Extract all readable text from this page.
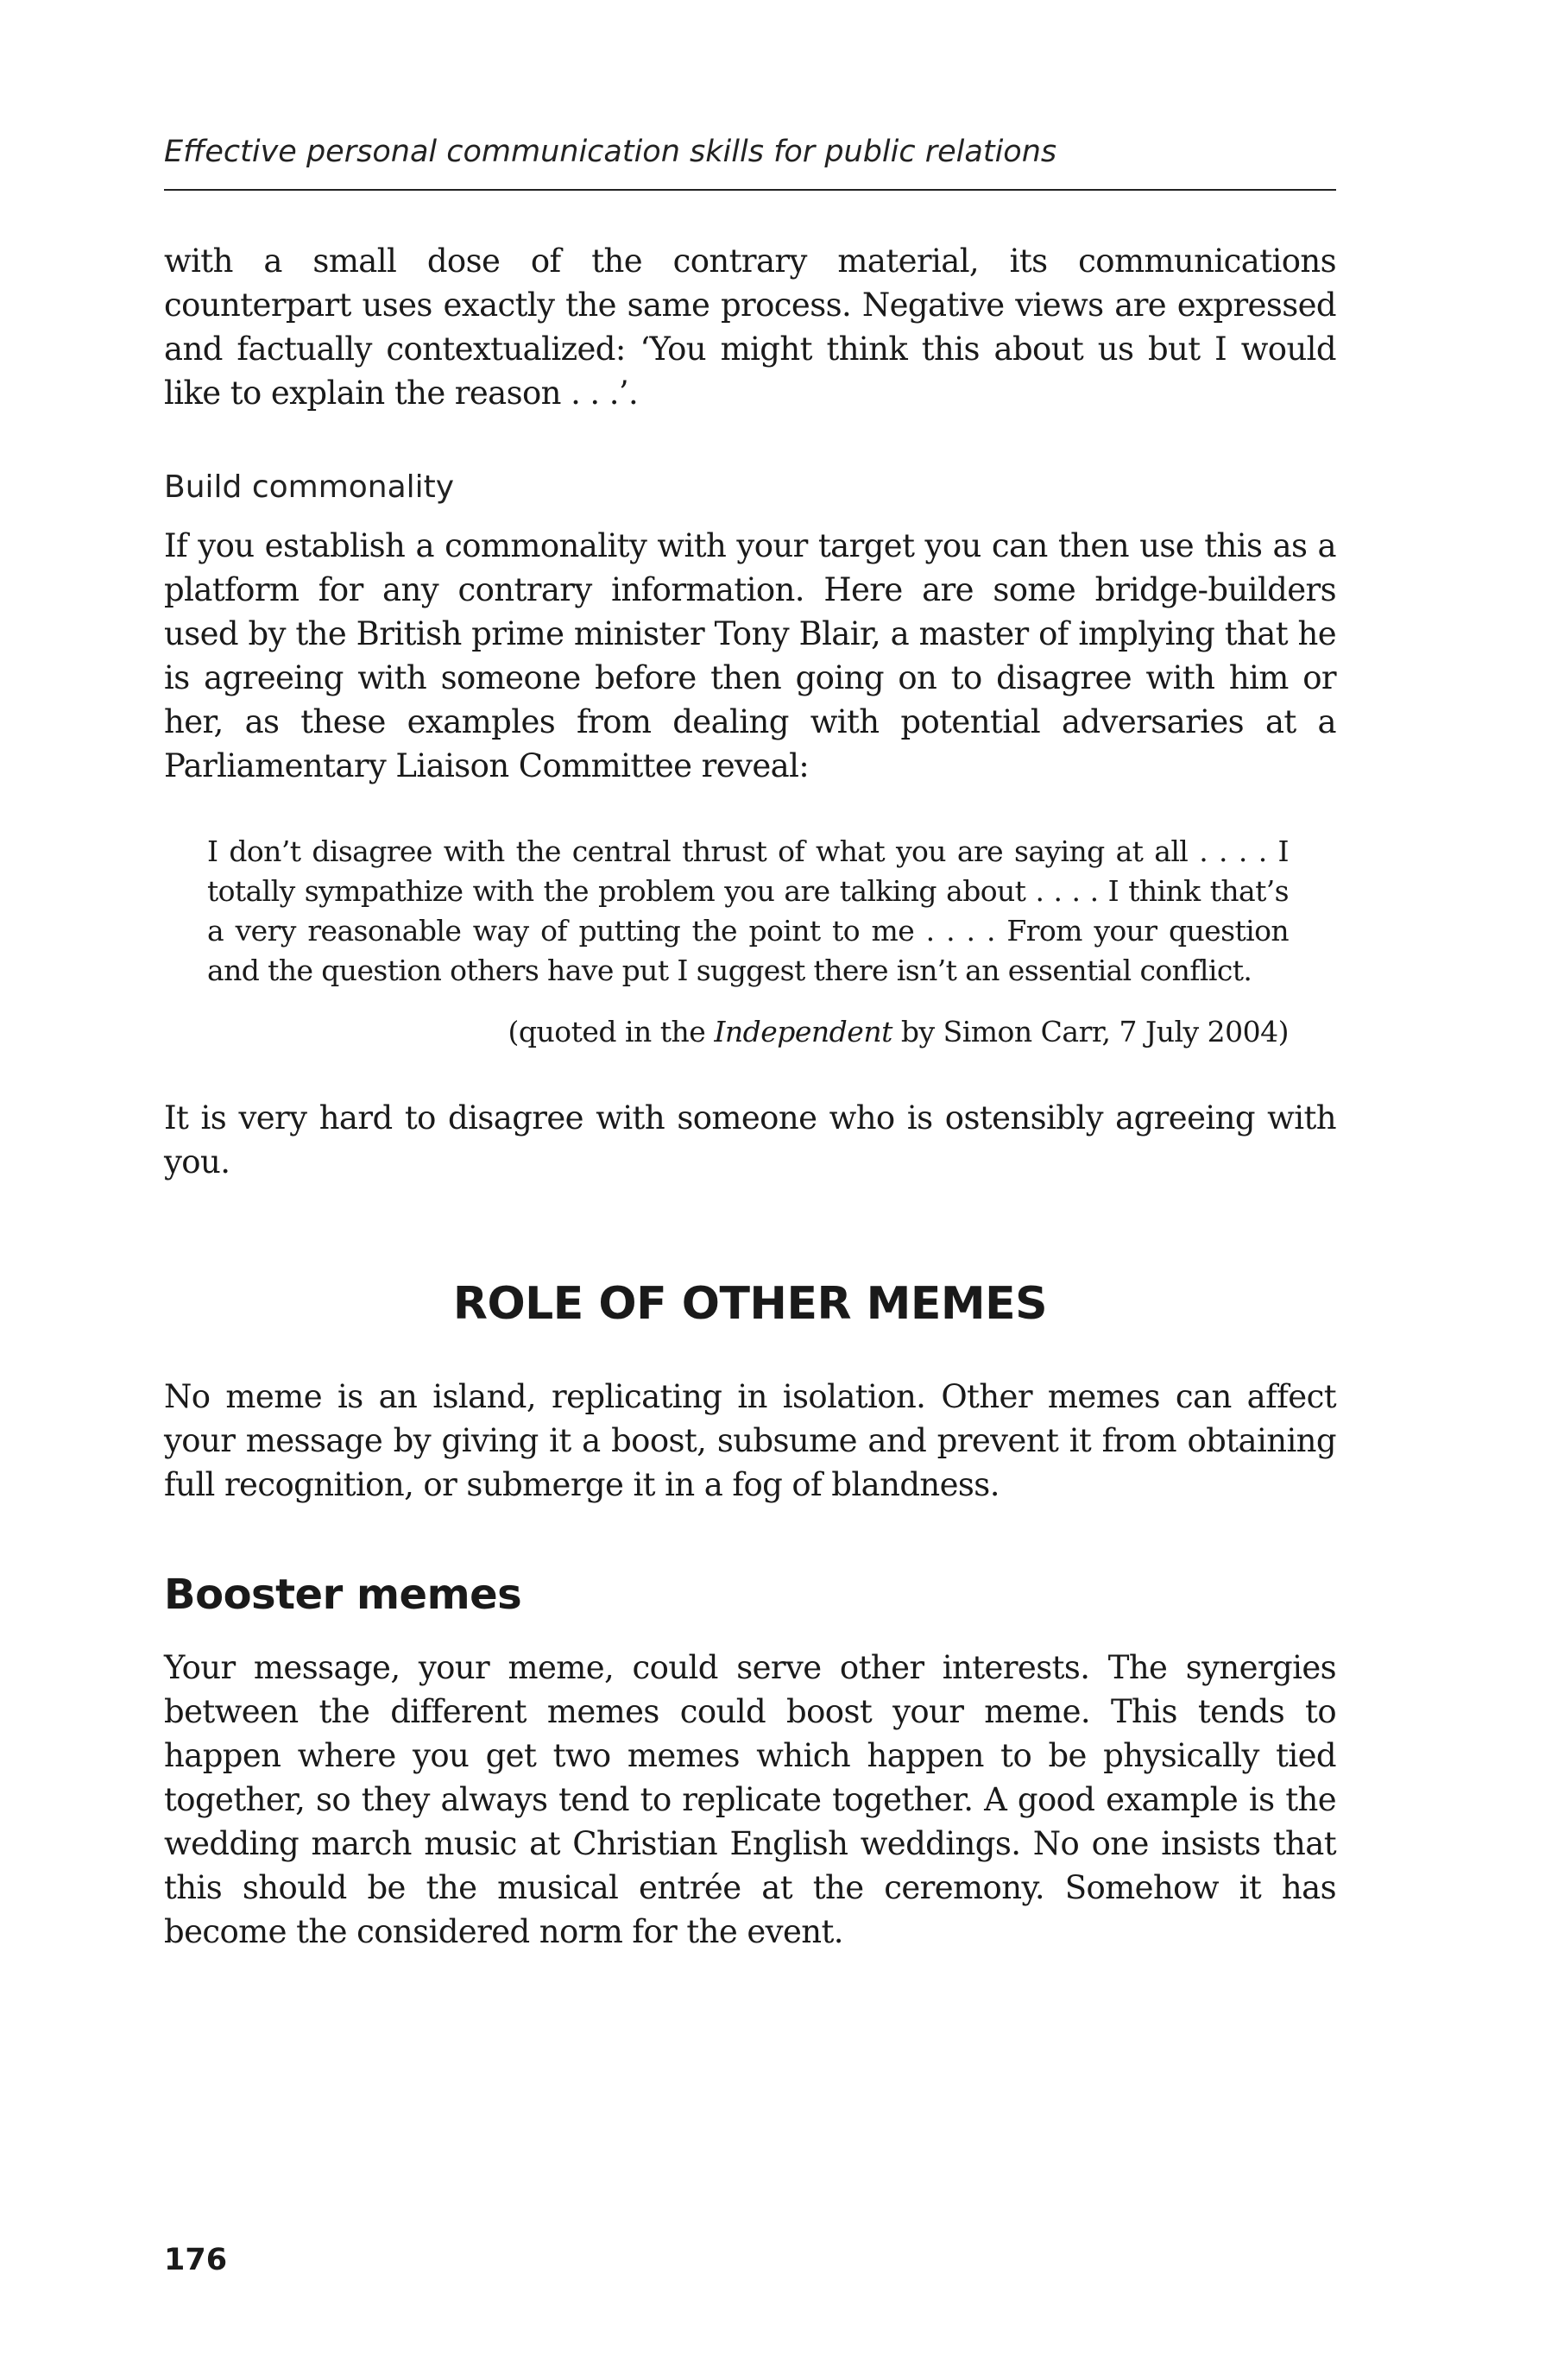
Effective personal communication skills for public relations

with a small dose of the contrary material, its communications counterpart uses exactly the same process. Negative views are expressed and factually contextualized: ‘You might think this about us but I would like to explain the reason . . .’.

Build commonality

If you establish a commonality with your target you can then use this as a platform for any contrary information. Here are some bridge-builders used by the British prime minister Tony Blair, a master of implying that he is agreeing with someone before then going on to disagree with him or her, as these examples from dealing with potential adversaries at a Parliamentary Liaison Committee reveal:

I don’t disagree with the central thrust of what you are saying at all . . . . I totally sympathize with the problem you are talking about . . . . I think that’s a very reasonable way of putting the point to me . . . . From your question and the question others have put I suggest there isn’t an essential conflict.

(quoted in the Independent by Simon Carr, 7 July 2004)

It is very hard to disagree with someone who is ostensibly agreeing with you.

ROLE OF OTHER MEMES

No meme is an island, replicating in isolation. Other memes can affect your message by giving it a boost, subsume and prevent it from obtaining full recognition, or submerge it in a fog of blandness.

Booster memes

Your message, your meme, could serve other interests. The synergies between the different memes could boost your meme. This tends to happen where you get two memes which happen to be physically tied together, so they always tend to replicate together. A good example is the wedding march music at Christian English weddings. No one insists that this should be the musical entrée at the ceremony. Somehow it has become the considered norm for the event.

176
